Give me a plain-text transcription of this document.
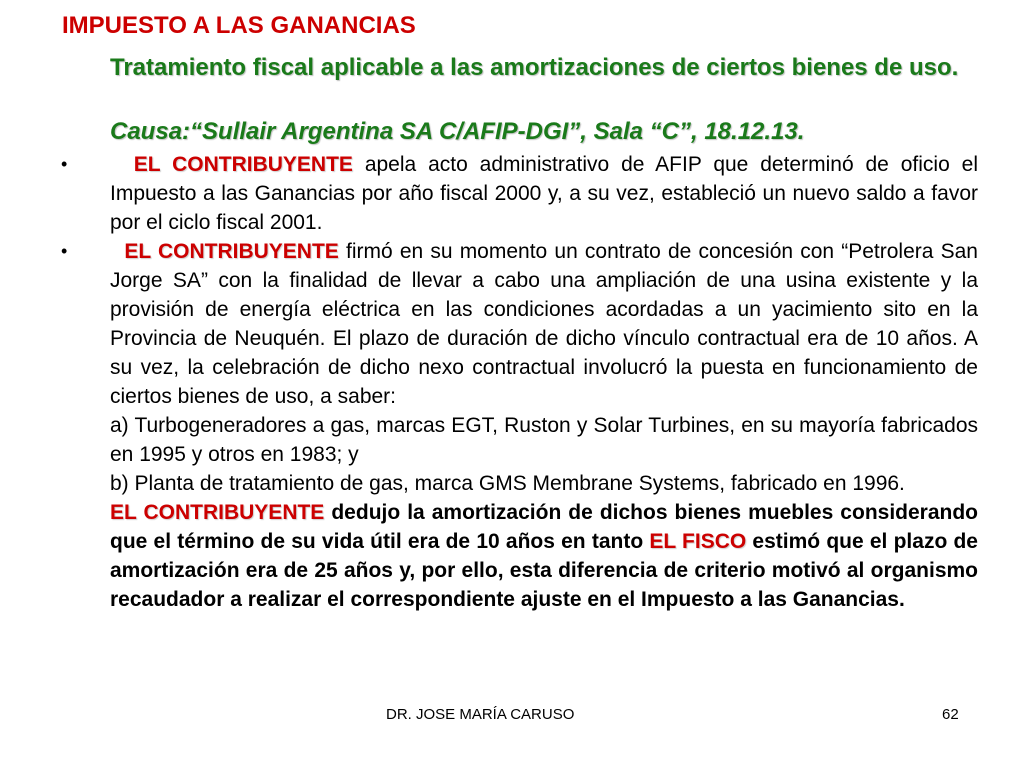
IMPUESTO A LAS GANANCIAS
Tratamiento fiscal aplicable a las amortizaciones de ciertos bienes de uso.
Causa:“Sullair Argentina SA C/AFIP-DGI”, Sala “C”, 18.12.13.
•	EL CONTRIBUYENTE apela acto administrativo de AFIP que determinó de oficio el Impuesto a las Ganancias por año fiscal 2000 y, a su vez, estableció un nuevo saldo a favor por el ciclo fiscal 2001.
•	EL CONTRIBUYENTE firmó en su momento un contrato de concesión con “Petrolera San Jorge SA” con la finalidad de llevar a cabo una ampliación de una usina existente y la provisión de energía eléctrica en las condiciones acordadas a un yacimiento sito en la Provincia de Neuquén. El plazo de duración de dicho vínculo contractual era de 10 años. A su vez, la celebración de dicho nexo contractual involucró la puesta en funcionamiento de ciertos bienes de uso, a saber:
a) Turbogeneradores a gas, marcas EGT, Ruston y Solar Turbines, en su mayoría fabricados en 1995 y otros en 1983; y
b) Planta de tratamiento de gas, marca GMS Membrane Systems, fabricado en 1996.
EL CONTRIBUYENTE dedujo la amortización de dichos bienes muebles considerando que el término de su vida útil era de 10 años en tanto EL FISCO estimó que el plazo de amortización era de 25 años y, por ello, esta diferencia de criterio motivó al organismo recaudador a realizar el correspondiente ajuste en el Impuesto a las Ganancias.
DR. JOSE MARÍA CARUSO	62
